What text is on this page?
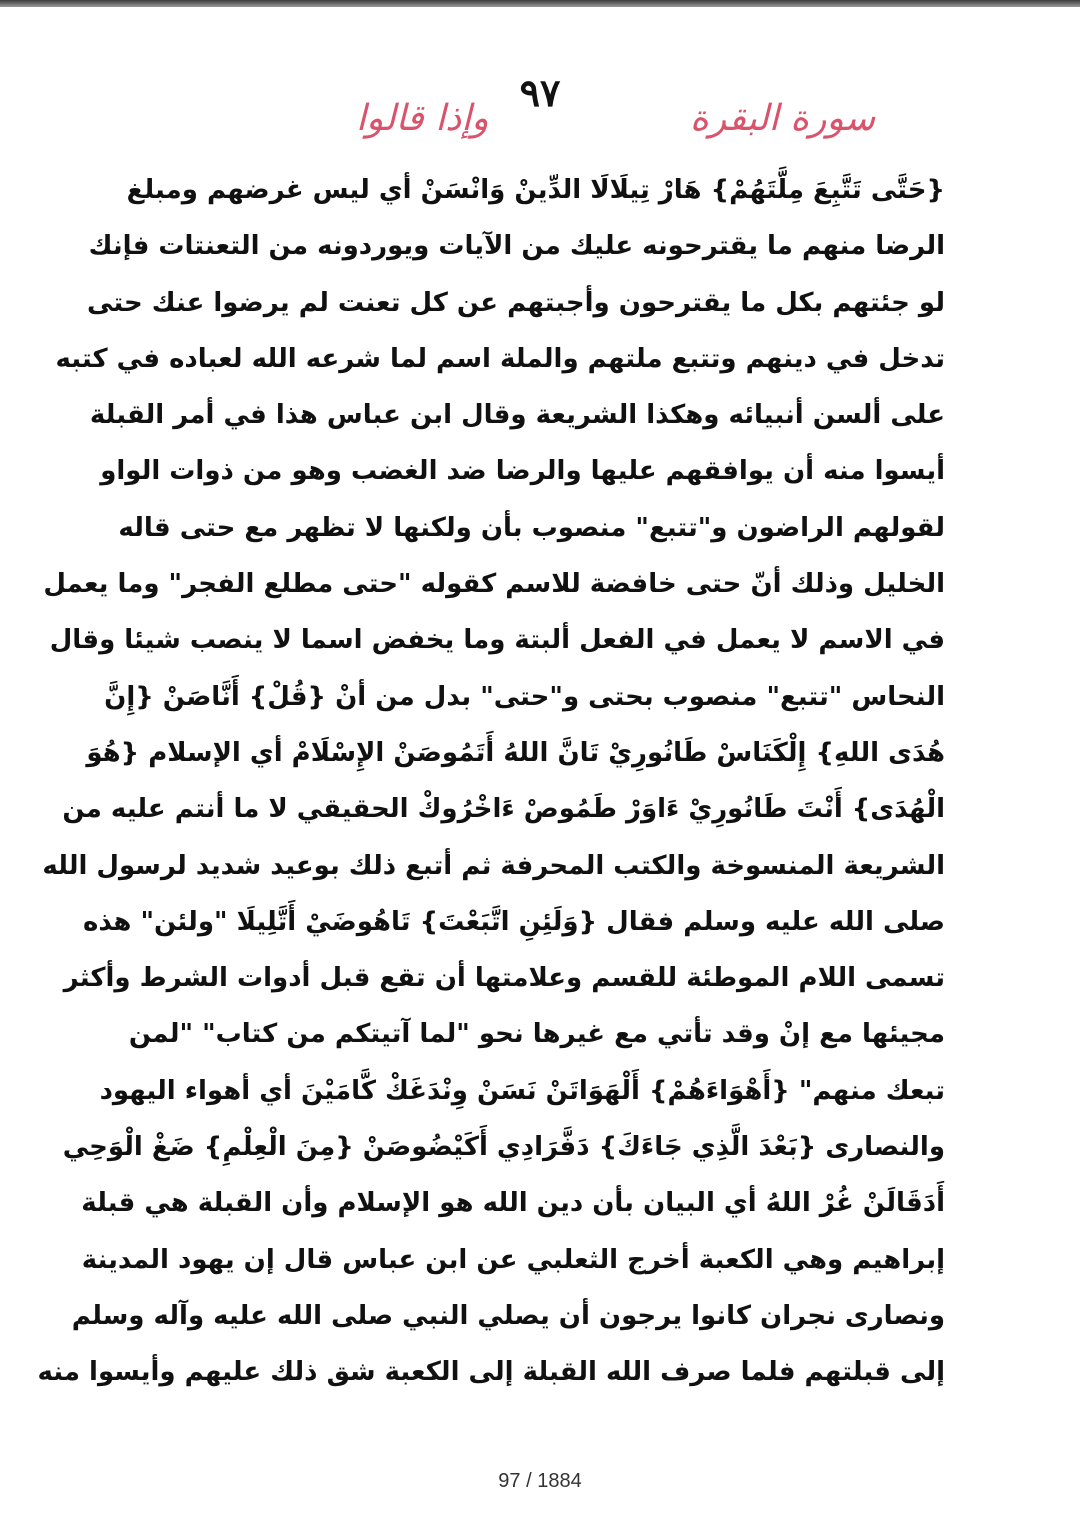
٩٧
سورة البقرة
وإذا قالوا
{حَتَّى تَتَّبِعَ مِلَّتَهُمْ} هَارْ تِيلَالَا الدِّينْ وَانْسَنْ أي ليس غرضهم ومبلغ
الرضا منهم ما يقترحونه عليك من الآيات ويوردونه من التعنتات فإنك
لو جئتهم بكل ما يقترحون وأجبتهم عن كل تعنت لم يرضوا عنك حتى
تدخل في دينهم وتتبع ملتهم والملة اسم لما شرعه الله لعباده في كتبه
على ألسن أنبيائه وهكذا الشريعة وقال ابن عباس هذا في أمر القبلة
أيسوا منه أن يوافقهم عليها والرضا ضد الغضب وهو من ذوات الواو
لقولهم الراضون و"تتبع" منصوب بأن ولكنها لا تظهر مع حتى قاله
الخليل وذلك أنّ حتى خافضة للاسم كقوله "حتى مطلع الفجر" وما يعمل
في الاسم لا يعمل في الفعل ألبتة وما يخفض اسما لا ينصب شيئا وقال
النحاس "تتبع" منصوب بحتى و"حتى" بدل من أنْ {قُلْ} أَنَّاصَنْ {إِنَّ
هُدَى اللهِ} إِلْكَنَاسْ طَانُورِيْ تَانَّ اللهُ أَتَمُوصَنْ الإِسْلَامْ أي الإسلام {هُوَ
الْهُدَى} أَنْتَ طَانُورِيْ ءَاوَرْ طَمُوصْ ءَاخْرُوكْ الحقيقي لا ما أنتم عليه من
الشريعة المنسوخة والكتب المحرفة ثم أتبع ذلك بوعيد شديد لرسول الله
صلى الله عليه وسلم فقال {وَلَئِنِ اتَّبَعْتَ} تَاهُوضَيْ أَتَّلِيلَا "ولئن" هذه
تسمى اللام الموطئة للقسم وعلامتها أن تقع قبل أدوات الشرط وأكثر
مجيئها مع إنْ وقد تأتي مع غيرها نحو "لما آتيتكم من كتاب" "لمن
تبعك منهم" {أَهْوَاءَهُمْ} أَلْهَوَاتَنْ نَسَنْ وِنْدَغَكْ كَّامَيْنَ أي أهواء اليهود
والنصارى {بَعْدَ الَّذِي جَاءَكَ} دَفَّرَادِي أَكَيْضُوصَنْ {مِنَ الْعِلْمِ} ضَغْ الْوَحِي
أَدَقَالَنْ غُرْ اللهُ أي البيان بأن دين الله هو الإسلام وأن القبلة هي قبلة
إبراهيم وهي الكعبة أخرج الثعلبي عن ابن عباس قال إن يهود المدينة
ونصارى نجران كانوا يرجون أن يصلي النبي صلى الله عليه وآله وسلم
إلى قبلتهم فلما صرف الله القبلة إلى الكعبة شق ذلك عليهم وأيسوا منه
97 / 1884
